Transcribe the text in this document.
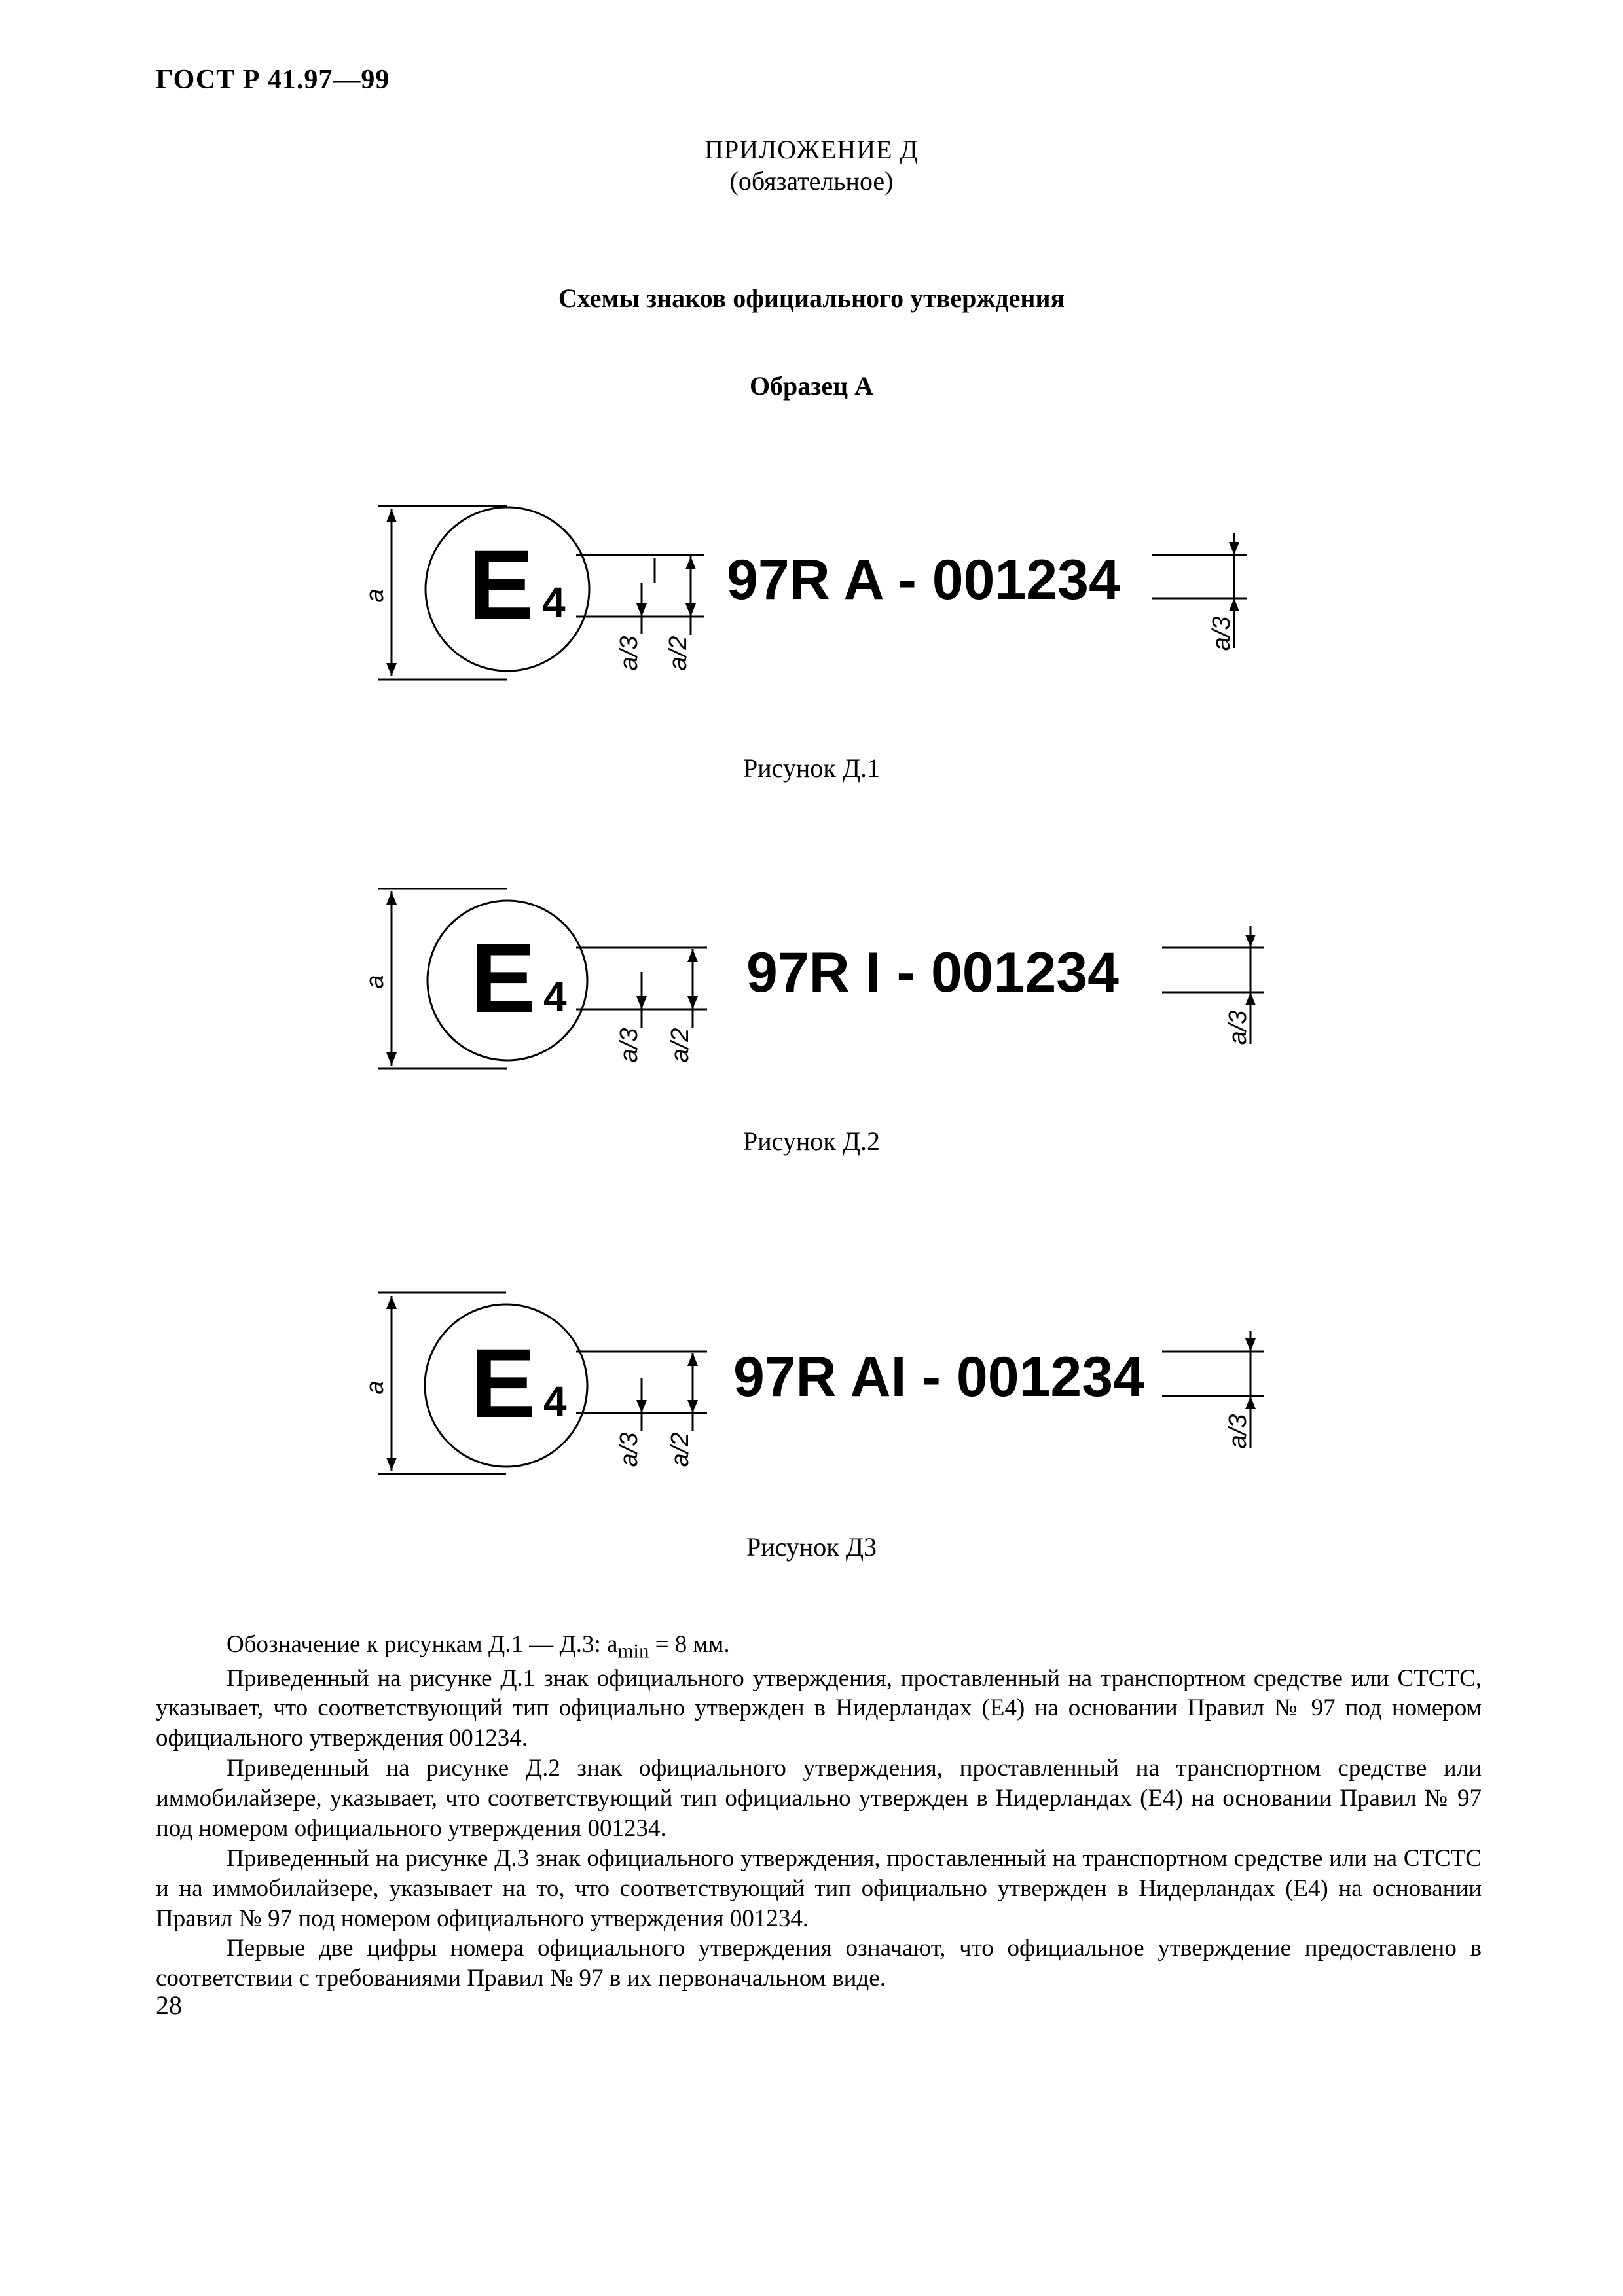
ГОСТ Р 41.97—99
ПРИЛОЖЕНИЕ Д
(обязательное)
Схемы знаков официального утверждения
Образец А
E 4	97R A - 001234
a
a/3 a/2
a/3
Рисунок Д.1
E 4	97R I - 001234
a
a/3 a/2
a/3
Рисунок Д.2
E 4	97R AI - 001234
a
a/3 a/2
a/3
Рисунок Д3

Обозначение к рисункам Д.1 — Д.3: $a_{min} = 8$ мм.

Приведенный на рисунке Д.1 знак официального утверждения, проставленный на транспортном средстве или СТСТС, указывает, что соответствующий тип официально утвержден в Нидерландах (Е4) на основании Правил № 97 под номером официального утверждения 001234.

Приведенный на рисунке Д.2 знак официального утверждения, проставленный на транспортном средстве или иммобилайзере, указывает, что соответствующий тип официально утвержден в Нидерландах (Е4) на основании Правил № 97 под номером официального утверждения 001234.

Приведенный на рисунке Д.3 знак официального утверждения, проставленный на транспортном средстве или на СТСТС и на иммобилайзере, указывает на то, что соответствующий тип официально утвержден в Нидерландах (Е4) на основании Правил № 97 под номером официального утверждения 001234.

Первые две цифры номера официального утверждения означают, что официальное утверждение предоставлено в соответствии с требованиями Правил № 97 в их первоначальном виде.

28
